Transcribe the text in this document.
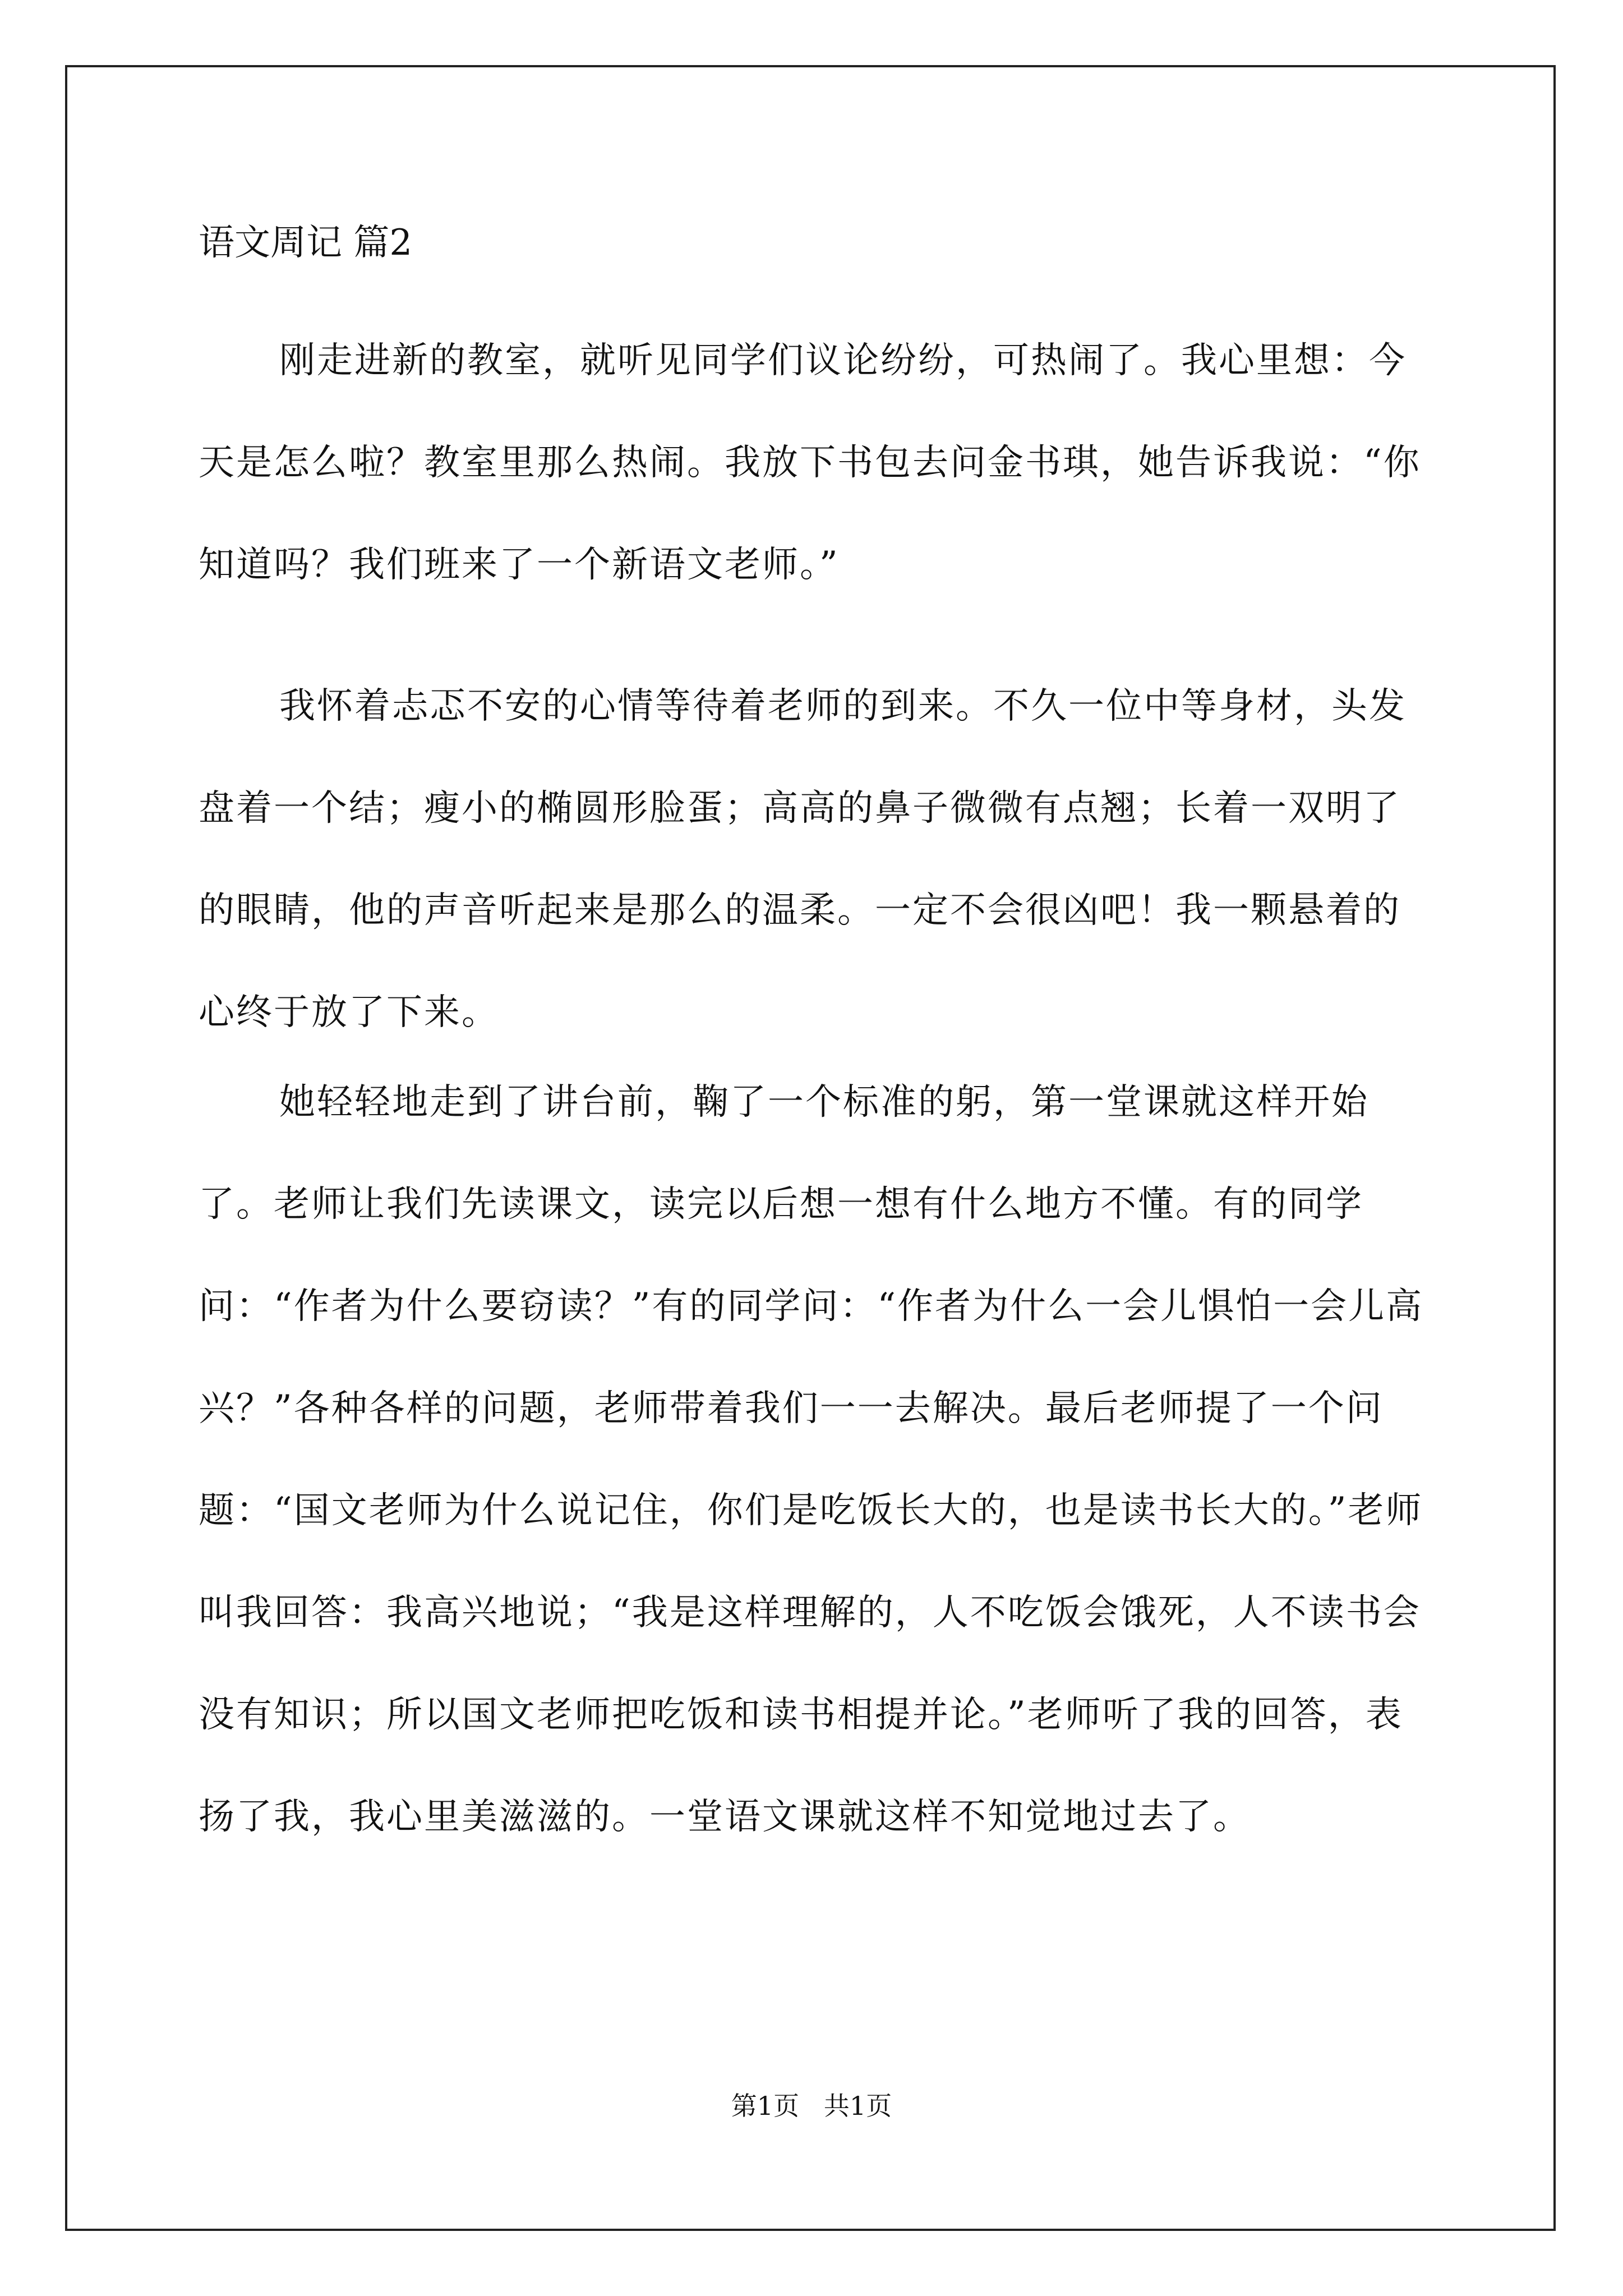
语文周记 篇2

刚走进新的教室，就听见同学们议论纷纷，可热闹了。我心里想：今天是怎么啦？教室里那么热闹。我放下书包去问金书琪，她告诉我说：“你知道吗？我们班来了一个新语文老师。”

我怀着忐忑不安的心情等待着老师的到来。不久一位中等身材，头发盘着一个结；瘦小的椭圆形脸蛋；高高的鼻子微微有点翘；长着一双明了的眼睛，他的声音听起来是那么的温柔。一定不会很凶吧！我一颗悬着的心终于放了下来。

她轻轻地走到了讲台前，鞠了一个标准的躬，第一堂课就这样开始了。老师让我们先读课文，读完以后想一想有什么地方不懂。有的同学问：“作者为什么要窃读？”有的同学问：“作者为什么一会儿惧怕一会儿高兴？”各种各样的问题，老师带着我们一一去解决。最后老师提了一个问题：“国文老师为什么说记住，你们是吃饭长大的，也是读书长大的。”老师叫我回答：我高兴地说；“我是这样理解的，人不吃饭会饿死，人不读书会没有知识；所以国文老师把吃饭和读书相提并论。”老师听了我的回答，表扬了我，我心里美滋滋的。一堂语文课就这样不知觉地过去了。

第1页   共1页
